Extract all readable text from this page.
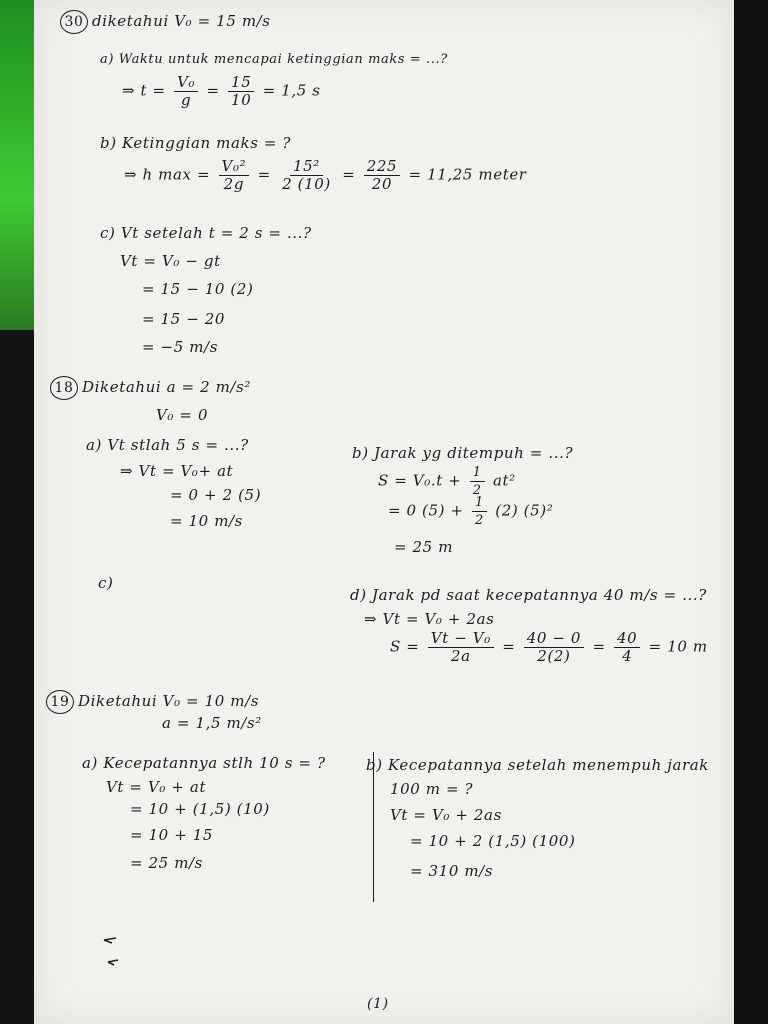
30 diketahui V₀ = 15 m/s
a) Waktu untuk mencapai ketinggian maks = ...?
⇒ $t = \frac{\text{V₀}}{g} = \frac{15}{10} = 1,5$ s
b) Ketinggian maks = ?
⇒ h $\max = \frac{\text{V₀²}}{2g} = \frac{\text{15²}}{2 (10)} = \frac{225}{20} = 11,25$ meter
c) Vt setelah t = 2 s = ...?
Vt = V₀ − gt
= 15 − 10 (2)
= 15 − 20
= −5 m/s
18 Diketahui a = 2 m/s²
V₀ = 0
a) Vt stlah 5 s = ...?
⇒ Vt = V₀+ at
= 0 + 2 (5)
= 10 m/s
b) Jarak yg ditempuh = ...?
$S = V_0.t + \frac{1}{2} at^2$
= 0 $(5) + \frac{1}{2} (2)$ (5)²
= 25 m
c)
d) Jarak pd saat kecepatannya 40 m/s = ...?
⇒ Vt = V₀ + 2as
$S = \frac{\text{Vt − V₀}}{2a} = \frac{40 - 0}{2(2)} = \frac{40}{4} = 10$ m
19 Diketahui V₀ = 10 m/s
a = 1,5 m/s²
a) Kecepatannya stlh 10 s = ?
Vt = V₀ + at
= 10 + (1,5) (10)
= 10 + 15
= 25 m/s
b) Kecepatannya setelah menempuh jarak
100 m = ?
Vt = V₀ + 2as
= 10 + 2 (1,5) (100)
= 310 m/s
(1)
